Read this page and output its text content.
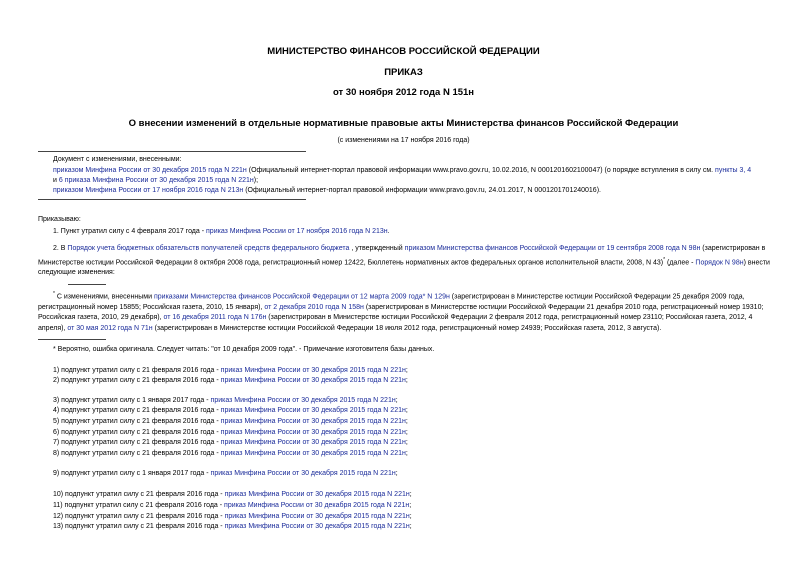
МИНИСТЕРСТВО ФИНАНСОВ РОССИЙСКОЙ ФЕДЕРАЦИИ
ПРИКАЗ
от 30 ноября 2012 года N 151н
О внесении изменений в отдельные нормативные правовые акты Министерства финансов Российской Федерации
(с изменениями на 17 ноября 2016 года)
Документ с изменениями, внесенными:
приказом Минфина России от 30 декабря 2015 года N 221н (Официальный интернет-портал правовой информации www.pravo.gov.ru, 10.02.2016, N 0001201602100047) (о порядке вступления в силу см. пункты 3, 4
и 6 приказа Минфина России от 30 декабря 2015 года N 221н);
приказом Минфина России от 17 ноября 2016 года N 213н (Официальный интернет-портал правовой информации www.pravo.gov.ru, 24.01.2017, N 0001201701240016).
Приказываю:
1. Пункт утратил силу с 4 февраля 2017 года - приказ Минфина России от 17 ноября 2016 года N 213н.
2. В Порядок учета бюджетных обязательств получателей средств федерального бюджета , утвержденный приказом Министерства финансов Российской Федерации от 19 сентября 2008 года N 98н (зарегистрирован в Министерстве юстиции Российской Федерации 8 октября 2008 года, регистрационный номер 12422, Бюллетень нормативных актов федеральных органов исполнительной власти, 2008, N 43)* (далее - Порядок N 98н) внести следующие изменения:
* С изменениями, внесенными приказами Министерства финансов Российской Федерации от 12 марта 2009 года* N 129н (зарегистрирован в Министерстве юстиции Российской Федерации 25 декабря 2009 года, регистрационный номер 15855; Российская газета, 2010, 15 января), от 2 декабря 2010 года N 158н (зарегистрирован в Министерстве юстиции Российской Федерации 21 декабря 2010 года, регистрационный номер 19310; Российская газета, 2010, 29 декабря), от 16 декабря 2011 года N 176н (зарегистрирован в Министерстве юстиции Российской Федерации 2 февраля 2012 года, регистрационный номер 23110; Российская газета, 2012, 4 апреля), от 30 мая 2012 года N 71н (зарегистрирован в Министерстве юстиции Российской Федерации 18 июля 2012 года, регистрационный номер 24939; Российская газета, 2012, 3 августа).
* Вероятно, ошибка оригинала. Следует читать: "от 10 декабря 2009 года". - Примечание изготовителя базы данных.
1) подпункт утратил силу с 21 февраля 2016 года - приказ Минфина России от 30 декабря 2015 года N 221н;
2) подпункт утратил силу с 21 февраля 2016 года - приказ Минфина России от 30 декабря 2015 года N 221н;
3) подпункт утратил силу с 1 января 2017 года - приказ Минфина России от 30 декабря 2015 года N 221н;
4) подпункт утратил силу с 21 февраля 2016 года - приказ Минфина России от 30 декабря 2015 года N 221н;
5) подпункт утратил силу с 21 февраля 2016 года - приказ Минфина России от 30 декабря 2015 года N 221н;
6) подпункт утратил силу с 21 февраля 2016 года - приказ Минфина России от 30 декабря 2015 года N 221н;
7) подпункт утратил силу с 21 февраля 2016 года - приказ Минфина России от 30 декабря 2015 года N 221н;
8) подпункт утратил силу с 21 февраля 2016 года - приказ Минфина России от 30 декабря 2015 года N 221н;
9) подпункт утратил силу с 1 января 2017 года - приказ Минфина России от 30 декабря 2015 года N 221н;
10) подпункт утратил силу с 21 февраля 2016 года - приказ Минфина России от 30 декабря 2015 года N 221н;
11) подпункт утратил силу с 21 февраля 2016 года - приказ Минфина России от 30 декабря 2015 года N 221н;
12) подпункт утратил силу с 21 февраля 2016 года - приказ Минфина России от 30 декабря 2015 года N 221н;
13) подпункт утратил силу с 21 февраля 2016 года - приказ Минфина России от 30 декабря 2015 года N 221н;
